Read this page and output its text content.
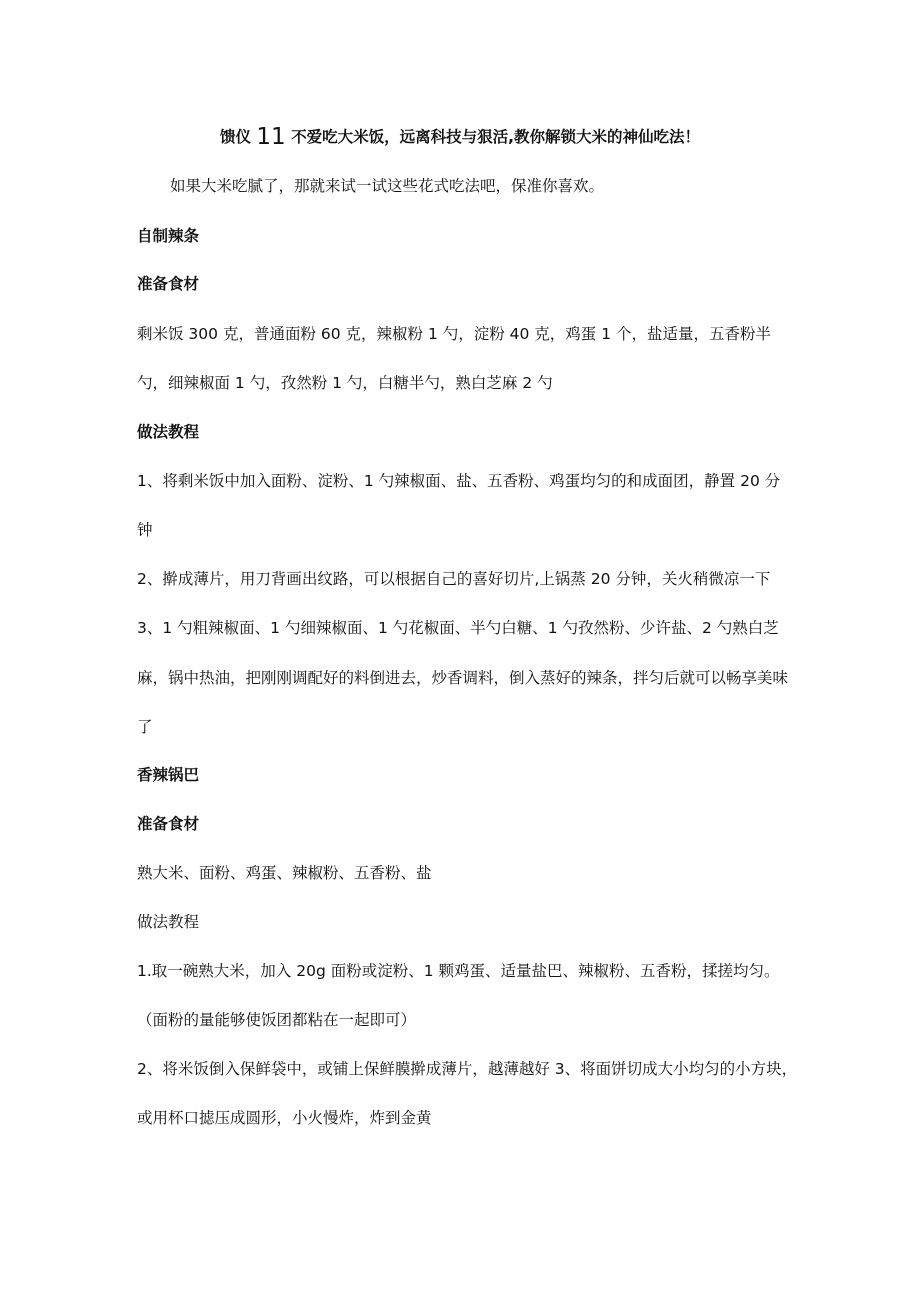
馈仪 11 不爱吃大米饭，远离科技与狠活,教你解锁大米的神仙吃法！

如果大米吃腻了，那就来试一试这些花式吃法吧，保准你喜欢。

自制辣条

准备食材

剩米饭 300 克，普通面粉 60 克，辣椒粉 1 勺，淀粉 40 克，鸡蛋 1 个，盐适量，五香粉半

勺，细辣椒面 1 勺，孜然粉 1 勺，白糖半勺，熟白芝麻 2 勺

做法教程

1、将剩米饭中加入面粉、淀粉、1 勺辣椒面、盐、五香粉、鸡蛋均匀的和成面团，静置 20 分

钟

2、擀成薄片，用刀背画出纹路，可以根据自己的喜好切片,上锅蒸 20 分钟，关火稍微凉一下

3、1 勺粗辣椒面、1 勺细辣椒面、1 勺花椒面、半勺白糖、1 勺孜然粉、少许盐、2 勺熟白芝

麻，锅中热油，把刚刚调配好的料倒进去，炒香调料，倒入蒸好的辣条，拌匀后就可以畅享美味

了

香辣锅巴

准备食材

熟大米、面粉、鸡蛋、辣椒粉、五香粉、盐

做法教程

1.取一碗熟大米，加入 20g 面粉或淀粉、1 颗鸡蛋、适量盐巴、辣椒粉、五香粉，揉搓均匀。

（面粉的量能够使饭团都粘在一起即可）

2、将米饭倒入保鲜袋中，或铺上保鲜膜擀成薄片，越薄越好 3、将面饼切成大小均匀的小方块，

或用杯口摅压成圆形，小火慢炸，炸到金黄
